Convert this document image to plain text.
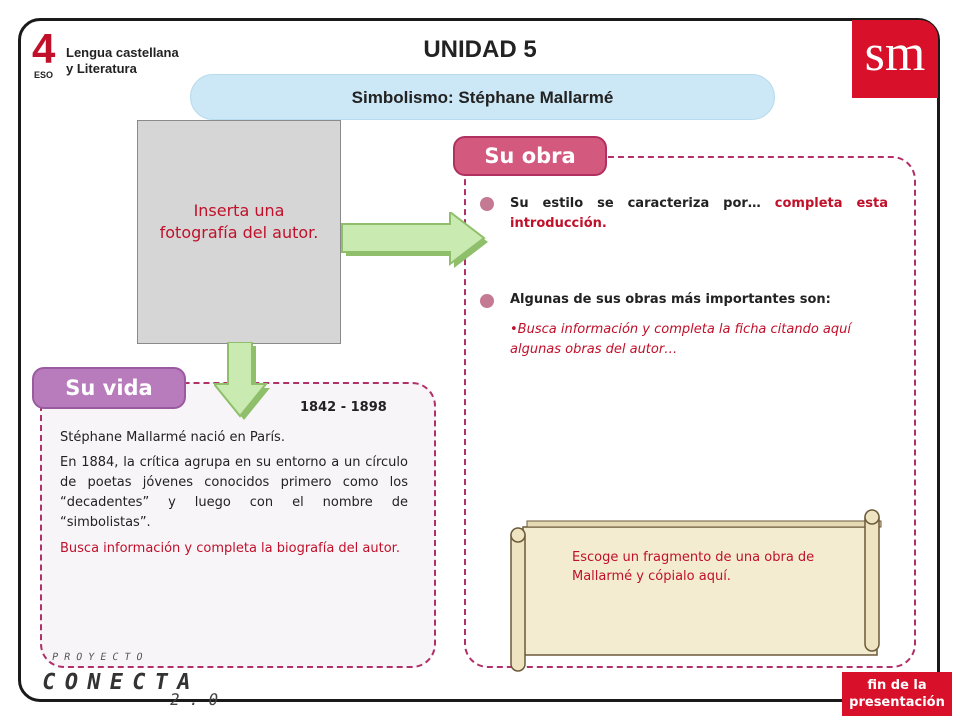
4
ESO
Lengua castellana
y Literatura
UNIDAD 5
Simbolismo: Stéphane Mallarmé
sm
Su obra
Su estilo se caracteriza por… completa esta introducción.
Algunas de sus obras más importantes son:
•Busca información y completa la ficha citando aquí algunas obras del autor…
Su vida
1842 - 1898
Stéphane Mallarmé nació en París.
En 1884, la crítica agrupa en su entorno a un círculo de poetas jóvenes conocidos primero como los “decadentes” y luego con el nombre de “simbolistas”.
Busca información y completa la biografía del autor.
Inserta una
fotografía del autor.
Escoge un fragmento de una obra de Mallarmé y cópialo aquí.
P R O Y E C T O
C O N E C T A
2 . 0
fin de la
presentación
